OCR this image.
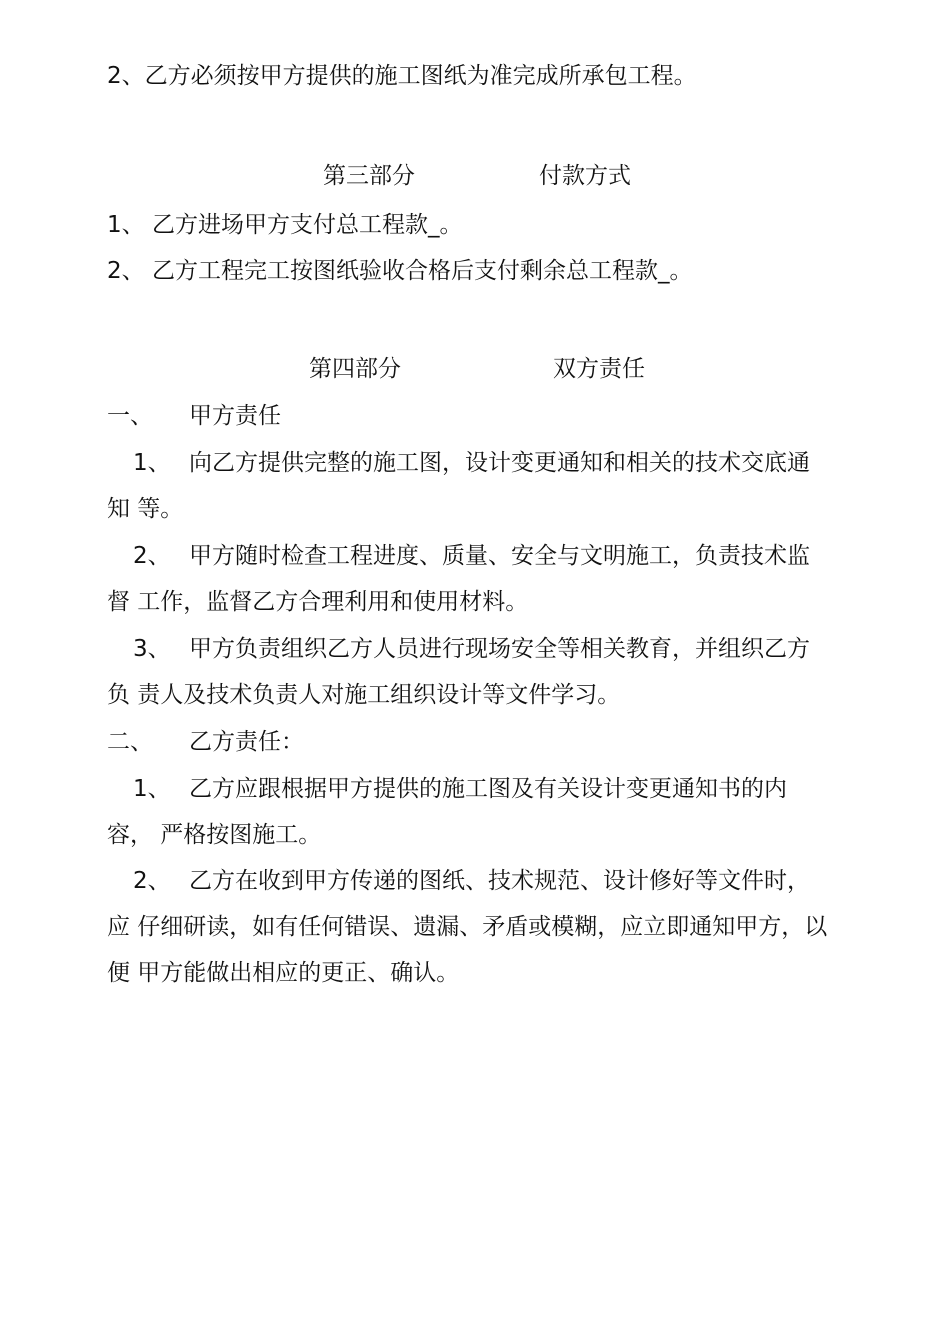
2、乙方必须按甲方提供的施工图纸为准完成所承包工程。
第三部分	付款方式
1、 乙方进场甲方支付总工程款_。
2、 乙方工程完工按图纸验收合格后支付剩余总工程款_。
第四部分	双方责任
一、 甲方责任
1、 向乙方提供完整的施工图，设计变更通知和相关的技术交底通
知 等。
2、 甲方随时检查工程进度、质量、安全与文明施工，负责技术监
督 工作，监督乙方合理利用和使用材料。
3、 甲方负责组织乙方人员进行现场安全等相关教育，并组织乙方
负 责人及技术负责人对施工组织设计等文件学习。
二、 乙方责任：
1、 乙方应跟根据甲方提供的施工图及有关设计变更通知书的内
容， 严格按图施工。
2、 乙方在收到甲方传递的图纸、技术规范、设计修好等文件时，
应 仔细研读，如有任何错误、遗漏、矛盾或模糊，应立即通知甲方，以
便 甲方能做出相应的更正、确认。
